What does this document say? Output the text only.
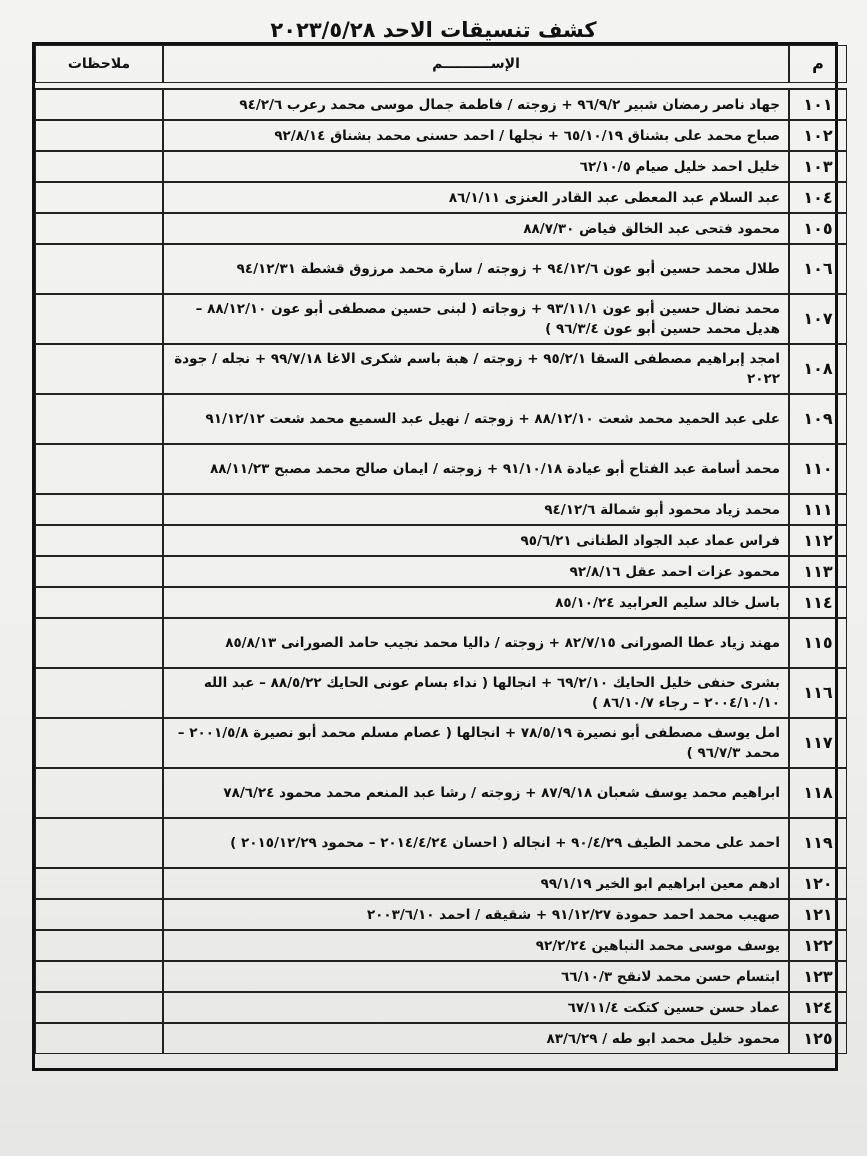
كشف تنسيقات الاحد ٢٠٢٣/٥/٢٨
م	الإســــــــــم	ملاحظات

١٠١	جهاد ناصر رمضان شبير ٩٦/٩/٢ + زوجته / فاطمة جمال موسى محمد رعرب ٩٤/٢/٦	
١٠٢	صباح محمد على بشناق ٦٥/١٠/١٩ + نجلها / احمد حسنى محمد بشناق ٩٢/٨/١٤	
١٠٣	خليل احمد خليل صيام ٦٢/١٠/٥	
١٠٤	عبد السلام عبد المعطى عبد القادر العنزى ٨٦/١/١١	
١٠٥	محمود فتحى عبد الخالق فياض ٨٨/٧/٣٠	
١٠٦	طلال محمد حسين أبو عون ٩٤/١٢/٦ + زوجته / سارة محمد مرزوق قشطة ٩٤/١٢/٣١	
١٠٧	محمد نضال حسين أبو عون ٩٣/١١/١ + زوجاته ( لبنى حسين مصطفى أبو عون ٨٨/١٢/١٠ – هديل محمد حسين أبو عون ٩٦/٣/٤ )	
١٠٨	امجد إبراهيم مصطفى السقا ٩٥/٢/١ + زوجته / هبة باسم شكرى الاغا ٩٩/٧/١٨ + نجله / جودة ٢٠٢٢	
١٠٩	على عبد الحميد محمد شعت ٨٨/١٢/١٠ + زوجته / نهيل عبد السميع محمد شعت ٩١/١٢/١٢	
١١٠	محمد أسامة عبد الفتاح أبو عيادة ٩١/١٠/١٨ + زوجته / ايمان صالح محمد مصبح ٨٨/١١/٢٣	
١١١	محمد زياد محمود أبو شمالة ٩٤/١٢/٦	
١١٢	فراس عماد عبد الجواد الطنانى ٩٥/٦/٢١	
١١٣	محمود عزات احمد عقل ٩٢/٨/١٦	
١١٤	باسل خالد سليم العرابيد ٨٥/١٠/٢٤	
١١٥	مهند زياد عطا الصورانى ٨٢/٧/١٥ + زوجته / داليا محمد نجيب حامد الصورانى ٨٥/٨/١٣	
١١٦	بشرى حنفى خليل الحايك ٦٩/٢/١٠ + انجالها ( نداء بسام عونى الحايك ٨٨/٥/٢٢ – عبد الله ٢٠٠٤/١٠/١٠ – رجاء ٨٦/١٠/٧ )	
١١٧	امل يوسف مصطفى أبو نصيرة ٧٨/٥/١٩ + انجالها ( عصام مسلم محمد أبو نصيرة ٢٠٠١/٥/٨ – محمد ٩٦/٧/٣ )	
١١٨	ابراهيم محمد يوسف شعبان ٨٧/٩/١٨ + زوجته / رشا عبد المنعم محمد محمود ٧٨/٦/٢٤	
١١٩	احمد على محمد الطيف ٩٠/٤/٢٩ + انجاله ( احسان ٢٠١٤/٤/٢٤ – محمود ٢٠١٥/١٢/٢٩ )	
١٢٠	ادهم معين ابراهيم ابو الخير ٩٩/١/١٩	
١٢١	صهيب محمد احمد حمودة ٩١/١٢/٢٧ + شقيقه / احمد ٢٠٠٣/٦/١٠	
١٢٢	يوسف موسى محمد النباهين ٩٢/٢/٢٤	
١٢٣	ابتسام حسن محمد لانقح ٦٦/١٠/٣	
١٢٤	عماد حسن حسين كتكت ٦٧/١١/٤	
١٢٥	محمود خليل محمد ابو طه / ٨٣/٦/٢٩	
